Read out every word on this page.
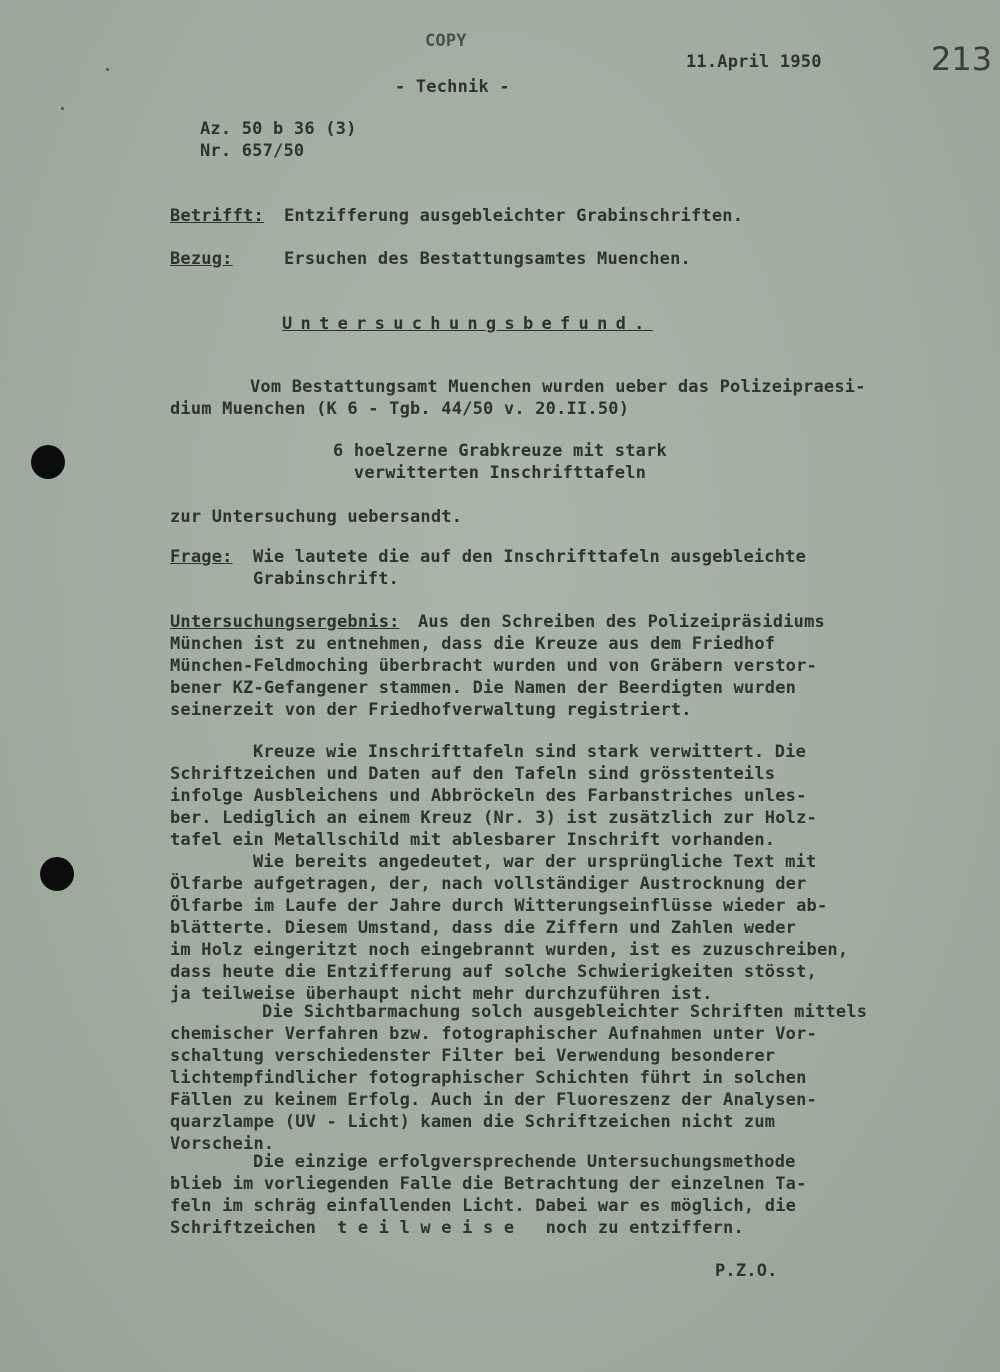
COPY
- Technik -
11.April 1950	213
Az. 50 b 36 (3)
Nr. 657/50
Betrifft: Entzifferung ausgebleichter Grabinschriften.
Bezug:	Ersuchen des Bestattungsamtes Muenchen.
Untersuchungsbefund.
Vom Bestattungsamt Muenchen wurden ueber das Polizeipraesi-
dium Muenchen (K 6 - Tgb. 44/50 v. 20.II.50)
6 hoelzerne Grabkreuze mit stark
verwitterten Inschrifttafeln
zur Untersuchung uebersandt.
Frage: Wie lautete die auf den Inschrifttafeln ausgebleichte
Grabinschrift.
Untersuchungsergebnis: Aus den Schreiben des Polizeipräsidiums
München ist zu entnehmen, dass die Kreuze aus dem Friedhof
München-Feldmoching überbracht wurden und von Gräbern verstor-
bener KZ-Gefangener stammen. Die Namen der Beerdigten wurden
seinerzeit von der Friedhofverwaltung registriert.
Kreuze wie Inschrifttafeln sind stark verwittert. Die
Schriftzeichen und Daten auf den Tafeln sind grösstenteils
infolge Ausbleichens und Abbröckeln des Farbanstriches unles-
ber. Lediglich an einem Kreuz (Nr. 3) ist zusätzlich zur Holz-
tafel ein Metallschild mit ablesbarer Inschrift vorhanden.
Wie bereits angedeutet, war der ursprüngliche Text mit
Ölfarbe aufgetragen, der, nach vollständiger Austrocknung der
Ölfarbe im Laufe der Jahre durch Witterungseinflüsse wieder ab-
blätterte. Diesem Umstand, dass die Ziffern und Zahlen weder
im Holz eingeritzt noch eingebrannt wurden, ist es zuzuschreiben,
dass heute die Entzifferung auf solche Schwierigkeiten stösst,
ja teilweise überhaupt nicht mehr durchzuführen ist.
Die Sichtbarmachung solch ausgebleichter Schriften mittels
chemischer Verfahren bzw. fotographischer Aufnahmen unter Vor-
schaltung verschiedenster Filter bei Verwendung besonderer
lichtempfindlicher fotographischer Schichten führt in solchen
Fällen zu keinem Erfolg. Auch in der Fluoreszenz der Analysen-
quarzlampe (UV - Licht) kamen die Schriftzeichen nicht zum
Vorschein.
Die einzige erfolgversprechende Untersuchungsmethode
blieb im vorliegenden Falle die Betrachtung der einzelnen Ta-
feln im schräg einfallenden Licht. Dabei war es möglich, die
Schriftzeichen  t e i l w e i s e   noch zu entziffern.
P.Z.O.
